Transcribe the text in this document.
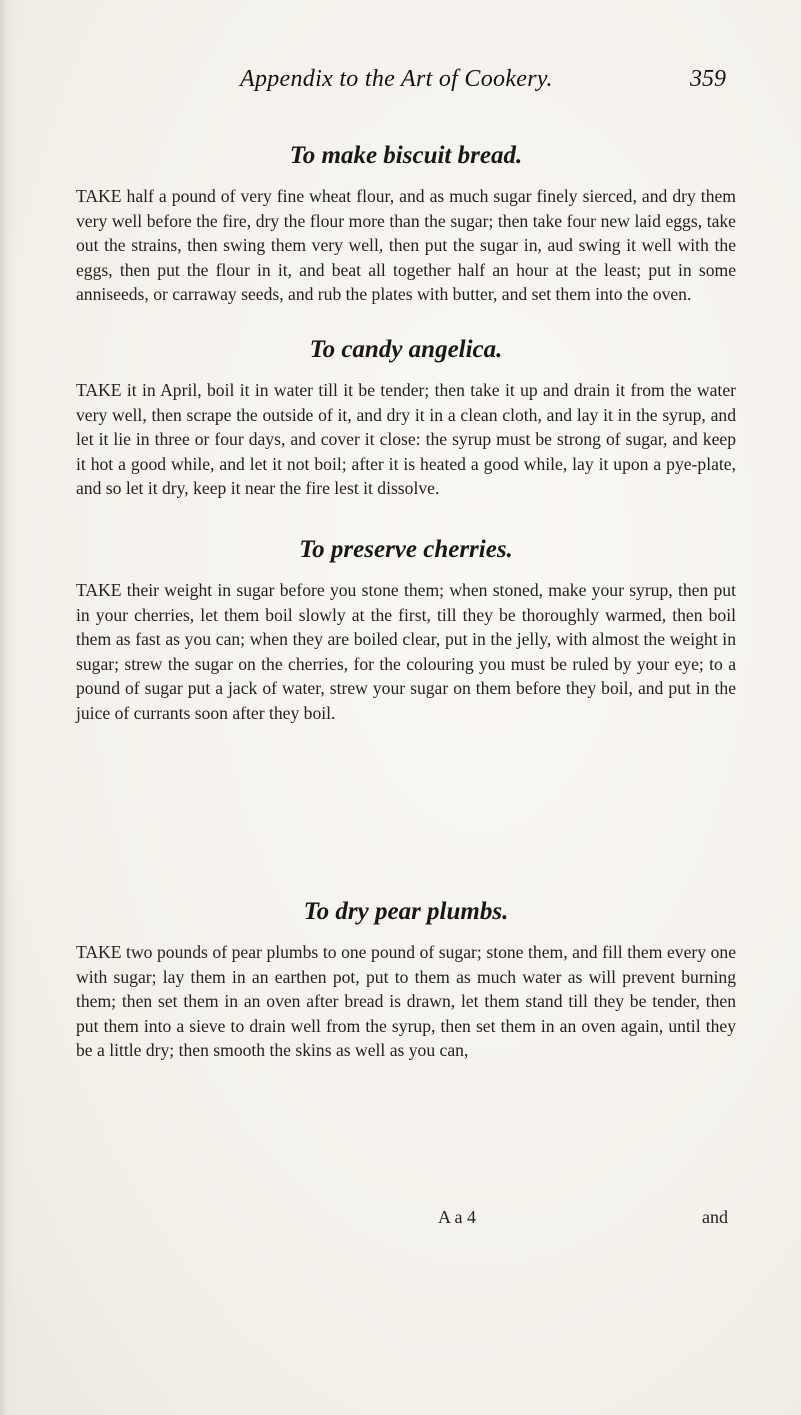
Appendix to the Art of Cookery.	359
To make biscuit bread.

TAKE half a pound of very fine wheat flour, and as much sugar finely sierced, and dry them very well before the fire, dry the flour more than the sugar; then take four new laid eggs, take out the strains, then swing them very well, then put the sugar in, aud swing it well with the eggs, then put the flour in it, and beat all together half an hour at the least; put in some anniseeds, or carraway seeds, and rub the plates with butter, and set them into the oven.

To candy angelica.

TAKE it in April, boil it in water till it be tender; then take it up and drain it from the water very well, then scrape the outside of it, and dry it in a clean cloth, and lay it in the syrup, and let it lie in three or four days, and cover it close: the syrup must be strong of sugar, and keep it hot a good while, and let it not boil; after it is heated a good while, lay it upon a pye-plate, and so let it dry, keep it near the fire lest it dissolve.

To preserve cherries.

TAKE their weight in sugar before you stone them; when stoned, make your syrup, then put in your cherries, let them boil slowly at the first, till they be thoroughly warmed, then boil them as fast as you can; when they are boiled clear, put in the jelly, with almost the weight in sugar; strew the sugar on the cherries, for the colouring you must be ruled by your eye; to a pound of sugar put a jack of water, strew your sugar on them before they boil, and put in the juice of currants soon after they boil.

To dry pear plumbs.

TAKE two pounds of pear plumbs to one pound of sugar; stone them, and fill them every one with sugar; lay them in an earthen pot, put to them as much water as will prevent burning them; then set them in an oven after bread is drawn, let them stand till they be tender, then put them into a sieve to drain well from the syrup, then set them in an oven again, until they be a little dry; then smooth the skins as well as you can,

A a 4	and
